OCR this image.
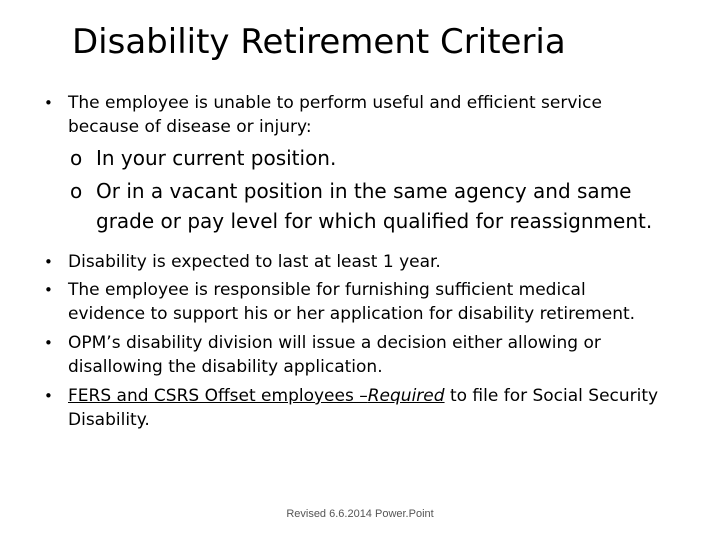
Disability Retirement Criteria
• The employee is unable to perform useful and efficient service
because of disease or injury:
o In your current position.
o Or in a vacant position in the same agency and same
grade or pay level for which qualified for reassignment.
• Disability is expected to last at least 1 year.
• The employee is responsible for furnishing sufficient medical
evidence to support his or her application for disability retirement.
• OPM’s disability division will issue a decision either allowing or
disallowing the disability application.
• FERS and CSRS Offset employees –Required to file for Social Security
Disability.
Revised 6.6.2014 Power.Point
